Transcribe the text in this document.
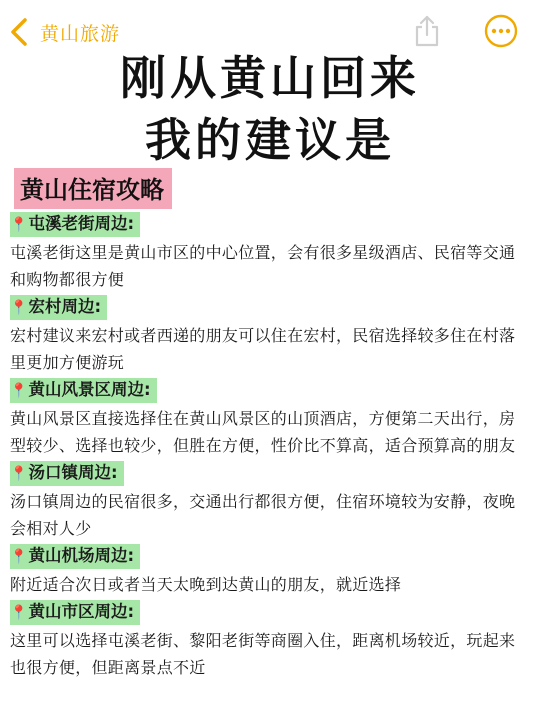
黄山旅游
刚从黄山回来
我的建议是
黄山住宿攻略
📍屯溪老街周边:

屯溪老街这里是黄山市区的中心位置，会有很多星级酒店、民宿等交通和购物都很方便

📍宏村周边:

宏村建议来宏村或者西递的朋友可以住在宏村，民宿选择较多住在村落里更加方便游玩

📍黄山风景区周边:

黄山风景区直接选择住在黄山风景区的山顶酒店，方便第二天出行，房型较少、选择也较少，但胜在方便，性价比不算高，适合预算高的朋友

📍汤口镇周边:

汤口镇周边的民宿很多，交通出行都很方便，住宿环境较为安静，夜晚会相对人少

📍黄山机场周边:

附近适合次日或者当天太晚到达黄山的朋友，就近选择

📍黄山市区周边:

这里可以选择屯溪老街、黎阳老街等商圈入住，距离机场较近，玩起来也很方便，但距离景点不近
